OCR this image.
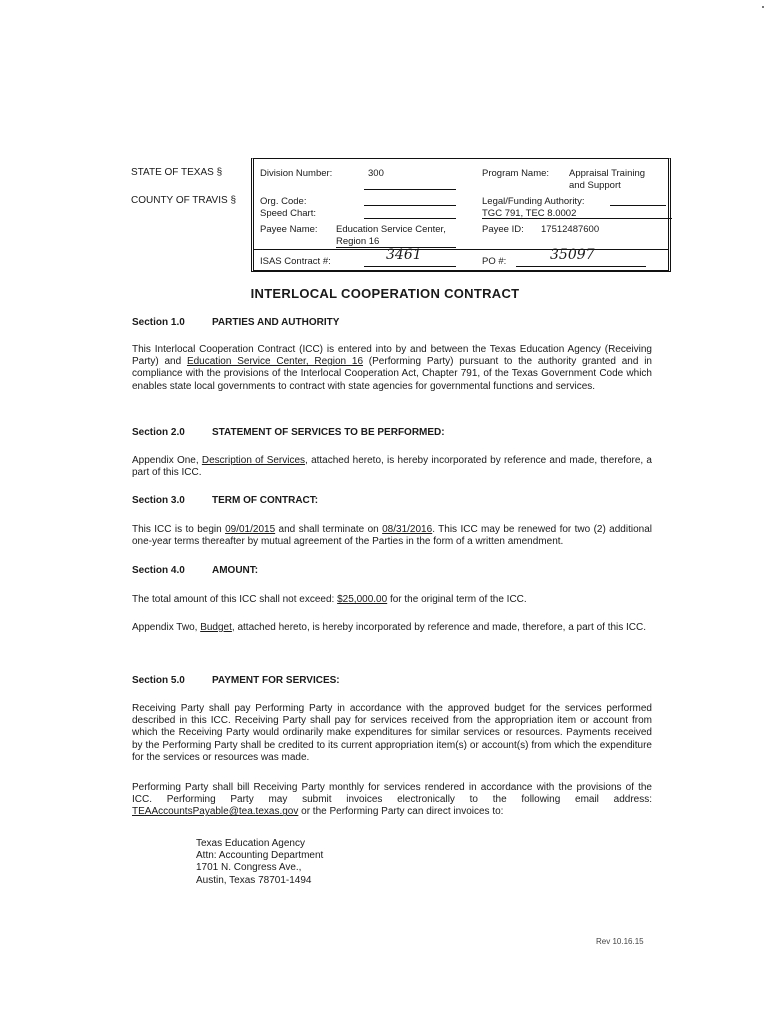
STATE OF TEXAS §
COUNTY OF TRAVIS §
Division Number:	300	Program Name: Appraisal Training
and Support
Org. Code:
Speed Chart:
Legal/Funding Authority:
TGC 791, TEC 8.0002
Payee Name: Education Service Center,
Region 16
Payee ID: 17512487600
ISAS Contract #:	3461	PO #:	35097
INTERLOCAL COOPERATION CONTRACT
Section 1.0	PARTIES AND AUTHORITY
This Interlocal Cooperation Contract (ICC) is entered into by and between the Texas Education Agency (Receiving Party) and Education Service Center, Region 16 (Performing Party) pursuant to the authority granted and in compliance with the provisions of the Interlocal Cooperation Act, Chapter 791, of the Texas Government Code which enables state local governments to contract with state agencies for governmental functions and services.
Section 2.0	STATEMENT OF SERVICES TO BE PERFORMED:
Appendix One, Description of Services, attached hereto, is hereby incorporated by reference and made, therefore, a part of this ICC.
Section 3.0	TERM OF CONTRACT:
This ICC is to begin 09/01/2015 and shall terminate on 08/31/2016. This ICC may be renewed for two (2) additional one-year terms thereafter by mutual agreement of the Parties in the form of a written amendment.
Section 4.0	AMOUNT:
The total amount of this ICC shall not exceed: $25,000.00 for the original term of the ICC.
Appendix Two, Budget, attached hereto, is hereby incorporated by reference and made, therefore, a part of this ICC.
Section 5.0	PAYMENT FOR SERVICES:
Receiving Party shall pay Performing Party in accordance with the approved budget for the services performed described in this ICC. Receiving Party shall pay for services received from the appropriation item or account from which the Receiving Party would ordinarily make expenditures for similar services or resources. Payments received by the Performing Party shall be credited to its current appropriation item(s) or account(s) from which the expenditure for the services or resources was made.
Performing Party shall bill Receiving Party monthly for services rendered in accordance with the provisions of the ICC. Performing Party may submit invoices electronically to the following email address: TEAAccountsPayable@tea.texas.gov or the Performing Party can direct invoices to:
Texas Education Agency
Attn: Accounting Department
1701 N. Congress Ave.,
Austin, Texas 78701-1494
Rev 10.16.15
